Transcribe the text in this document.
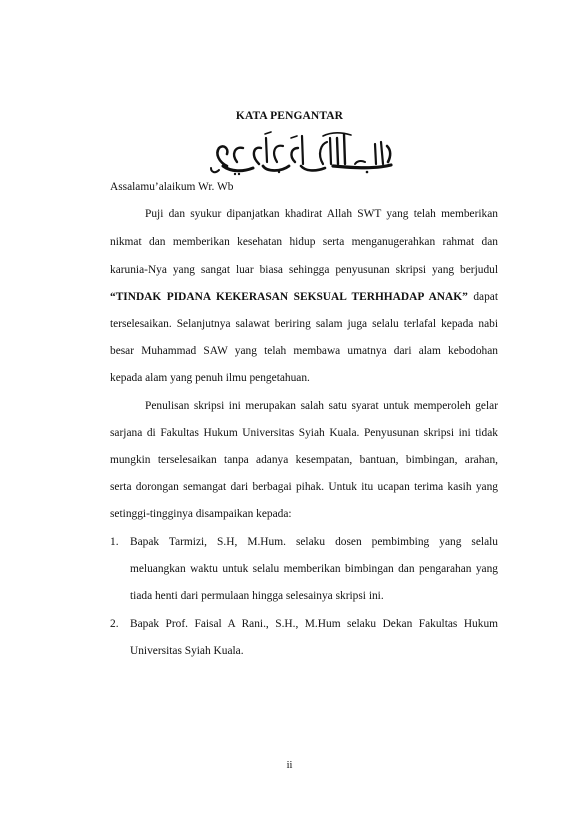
KATA PENGANTAR
Assalamu’alaikum Wr. Wb
Puji dan syukur dipanjatkan khadirat Allah SWT yang telah memberikan
nikmat dan memberikan kesehatan hidup serta menganugerahkan rahmat dan
karunia-Nya yang sangat luar biasa sehingga penyusunan skripsi yang berjudul
“TINDAK PIDANA KEKERASAN SEKSUAL TERHHADAP ANAK” dapat
terselesaikan. Selanjutnya salawat beriring salam juga selalu terlafal kepada nabi
besar Muhammad SAW yang telah membawa umatnya dari alam kebodohan
kepada alam yang penuh ilmu pengetahuan.
Penulisan skripsi ini merupakan salah satu syarat untuk memperoleh gelar
sarjana di Fakultas Hukum Universitas Syiah Kuala. Penyusunan skripsi ini tidak
mungkin terselesaikan tanpa adanya kesempatan, bantuan, bimbingan, arahan,
serta dorongan semangat dari berbagai pihak. Untuk itu ucapan terima kasih yang
setinggi-tingginya disampaikan kepada:
1. Bapak Tarmizi, S.H, M.Hum. selaku dosen pembimbing yang selalu
meluangkan waktu untuk selalu memberikan bimbingan dan pengarahan yang
tiada henti dari permulaan hingga selesainya skripsi ini.
2. Bapak Prof. Faisal A Rani., S.H., M.Hum selaku Dekan Fakultas Hukum
Universitas Syiah Kuala.
ii
